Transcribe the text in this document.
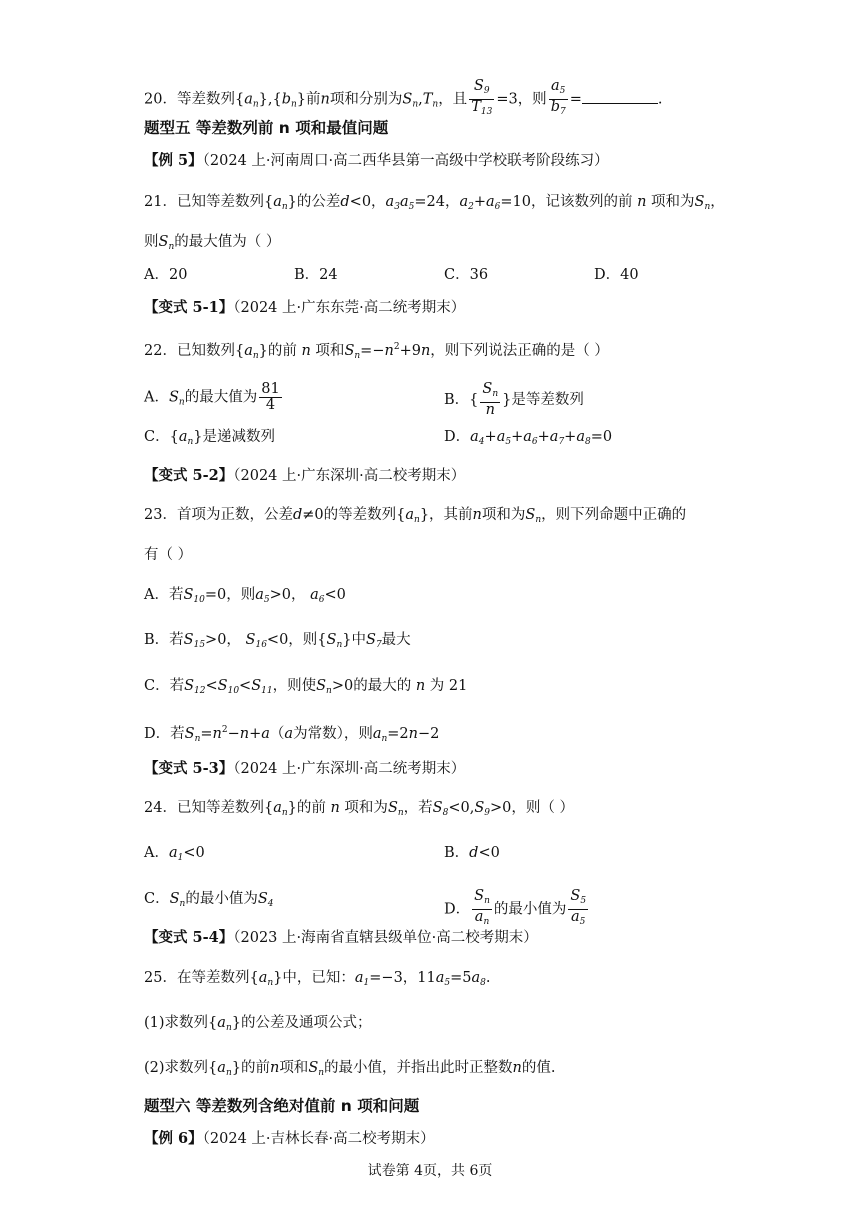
20．等差数列$\{a_n\},\{b_n\}$前n项和分别为$S_n,T_n$，且 $\frac{S_9}{T_{13}} =3$，则 $\frac{a_5}{b_7}$ =	.
题型五 等差数列前 n 项和最值问题
【例 5】（2024 上·河南周口·高二西华县第一高级中学校联考阶段练习）
21．已知等差数列$\{a_n\}$的公差d<0，$a_3a_5=24$，$a_2+a_6=10$，记该数列的前 n 项和为$S_n$，
则$S_n$的最大值为（ ）
A．20	B．24	C．36	D．40
【变式 5-1】（2024 上·广东东莞·高二统考期末）
22．已知数列$\{a_n\}$的前 n 项和$S_n=-n^2+9n$，则下列说法正确的是（ ）
A．$S_n$的最大值为 $\frac{81}{4}$	B．{ $\frac{S_n}{n}$ }是等差数列
C．$\{a_n\}$是递减数列	D．$a_4+a_5+a_6+a_7+a_8=0$
【变式 5-2】（2024 上·广东深圳·高二校考期末）
23．首项为正数，公差d≠0的等差数列$\{a_n\}$，其前n项和为$S_n$，则下列命题中正确的
有（ ）
A．若$S_{10}=0$，则$a_5>0$， $a_6<0$
B．若$S_{15}>0$， $S_{16}<0$，则$\{S_n\}$中$S_7$最大
C．若$S_{12}<S_{10}<S_{11}$，则使$S_n>0$的最大的 n 为 21
D．若$S_n=n^2-n+a(a$为常数），则$a_n=2n-2$
【变式 5-3】（2024 上·广东深圳·高二统考期末）
24．已知等差数列$\{a_n\}$的前 n 项和为$S_n$，若$S_8<0,S_9>0$，则（ ）
A．$a_1<0$	B．d<0
C．$S_n$的最小值为$S_4$	D． $\frac{S_n}{a_n}$ 的最小值为 $\frac{S_5}{a_5}$
【变式 5-4】（2023 上·海南省直辖县级单位·高二校考期末）
25．在等差数列$\{a_n\}$中，已知：$a_1=-3$，$11a_5=5a_8$.
(1)求数列$\{a_n\}$的公差及通项公式；
(2)求数列$\{a_n\}$的前n项和$S_n$的最小值，并指出此时正整数n的值.
题型六 等差数列含绝对值前 n 项和问题
【例 6】（2024 上·吉林长春·高二校考期末）
试卷第 4页，共 6页
